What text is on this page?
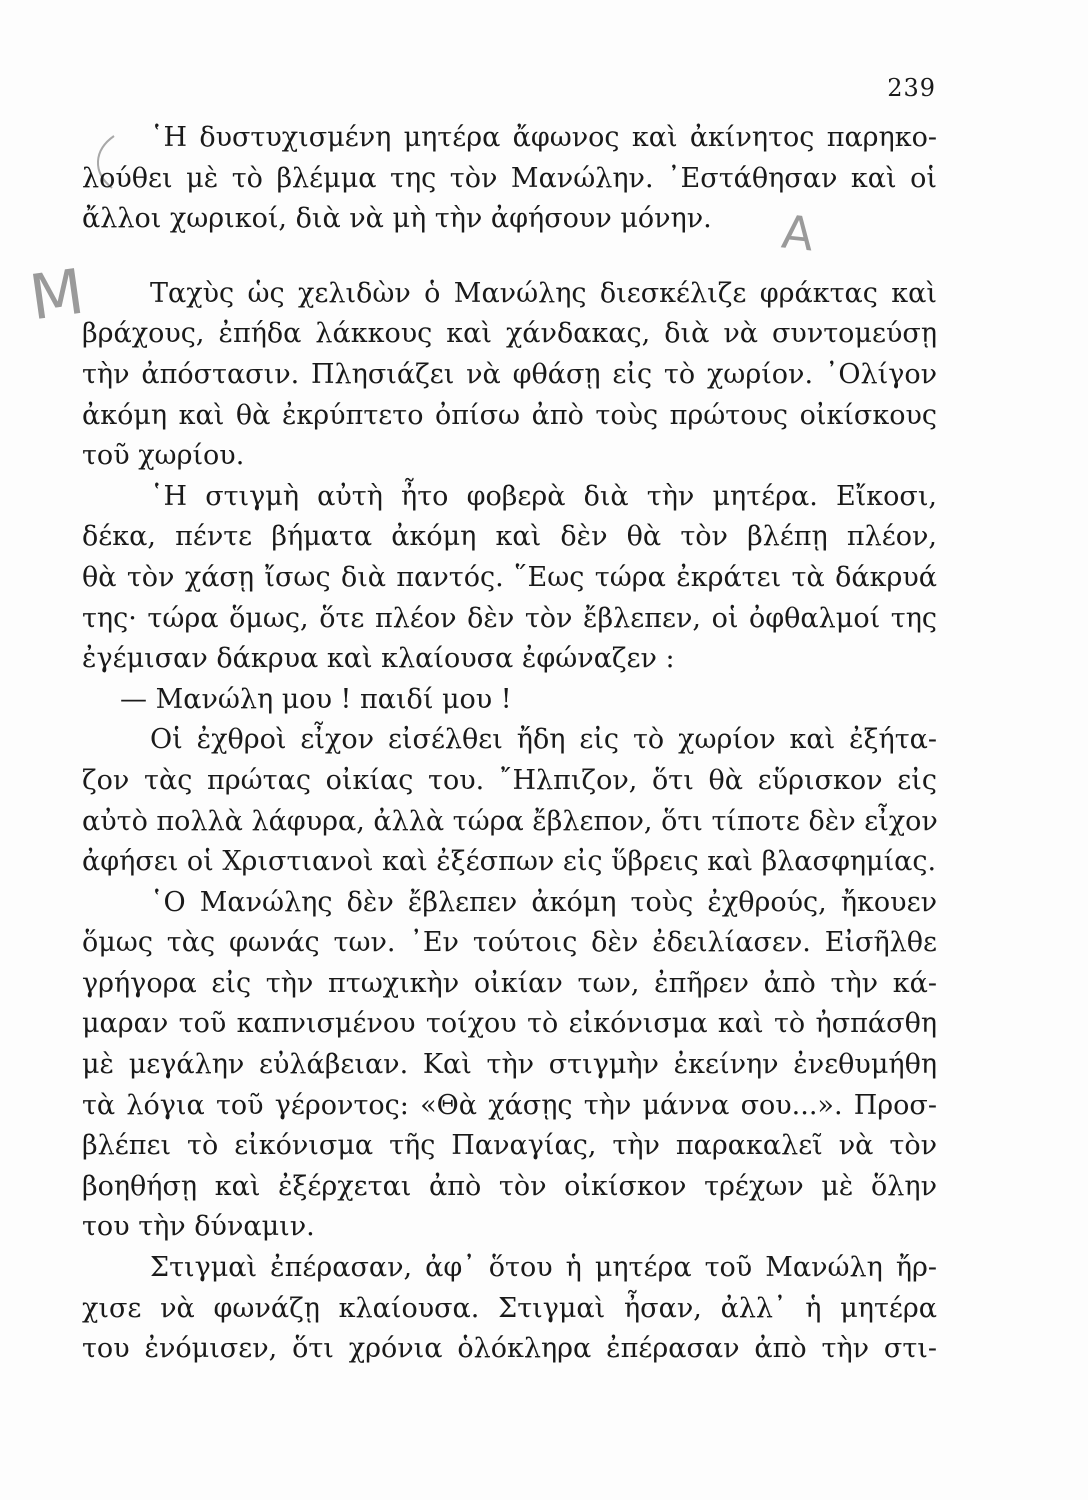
239
Μ
Α
῾Η δυστυχισμένη μητέρα ἄφωνος καὶ ἀκίνητος παρηκο-
λούθει μὲ τὸ βλέμμα της τὸν Μανώλην. ᾿Εστάθησαν καὶ οἱ
ἄλλοι χωρικοί, διὰ νὰ μὴ τὴν ἀφήσουν μόνην.
Ταχὺς ὡς χελιδὼν ὁ Μανώλης διεσκέλιζε φράκτας καὶ
βράχους, ἐπήδα λάκκους καὶ χάνδακας, διὰ νὰ συντομεύσῃ
τὴν ἀπόστασιν. Πλησιάζει νὰ φθάσῃ εἰς τὸ χωρίον. ᾿Ολίγον
ἀκόμη καὶ θὰ ἐκρύπτετο ὀπίσω ἀπὸ τοὺς πρώτους οἰκίσκους
τοῦ χωρίου.
῾Η στιγμὴ αὐτὴ ἦτο φοβερὰ διὰ τὴν μητέρα. Εἴκοσι,
δέκα, πέντε βήματα ἀκόμη καὶ δὲν θὰ τὸν βλέπῃ πλέον,
θὰ τὸν χάσῃ ἴσως διὰ παντός. ῞Εως τώρα ἐκράτει τὰ δάκρυά
της· τώρα ὅμως, ὅτε πλέον δὲν τὸν ἔβλεπεν, οἱ ὀφθαλμοί της
ἐγέμισαν δάκρυα καὶ κλαίουσα ἐφώναζεν :
— Μανώλη μου ! παιδί μου !
Οἱ ἐχθροὶ εἶχον εἰσέλθει ἤδη εἰς τὸ χωρίον καὶ ἐξήτα-
ζον τὰς πρώτας οἰκίας του. ῎Ηλπιζον, ὅτι θὰ εὕρισκον εἰς
αὐτὸ πολλὰ λάφυρα, ἀλλὰ τώρα ἔβλεπον, ὅτι τίποτε δὲν εἶχον
ἀφήσει οἱ Χριστιανοὶ καὶ ἐξέσπων εἰς ὕβρεις καὶ βλασφημίας.
῾Ο Μανώλης δὲν ἔβλεπεν ἀκόμη τοὺς ἐχθρούς, ἤκουεν
ὅμως τὰς φωνάς των. ᾿Εν τούτοις δὲν ἐδειλίασεν. Εἰσῆλθε
γρήγορα εἰς τὴν πτωχικὴν οἰκίαν των, ἐπῆρεν ἀπὸ τὴν κά-
μαραν τοῦ καπνισμένου τοίχου τὸ εἰκόνισμα καὶ τὸ ἠσπάσθη
μὲ μεγάλην εὐλάβειαν. Καὶ τὴν στιγμὴν ἐκείνην ἐνεθυμήθη
τὰ λόγια τοῦ γέροντος: «Θὰ χάσῃς τὴν μάννα σου...». Προσ-
βλέπει τὸ εἰκόνισμα τῆς Παναγίας, τὴν παρακαλεῖ νὰ τὸν
βοηθήσῃ καὶ ἐξέρχεται ἀπὸ τὸν οἰκίσκον τρέχων μὲ ὅλην
του τὴν δύναμιν.
Στιγμαὶ ἐπέρασαν, ἀφ᾿ ὅτου ἡ μητέρα τοῦ Μανώλη ἤρ-
χισε νὰ φωνάζῃ κλαίουσα. Στιγμαὶ ἦσαν, ἀλλ᾿ ἡ μητέρα
του ἐνόμισεν, ὅτι χρόνια ὁλόκληρα ἐπέρασαν ἀπὸ τὴν στι-
